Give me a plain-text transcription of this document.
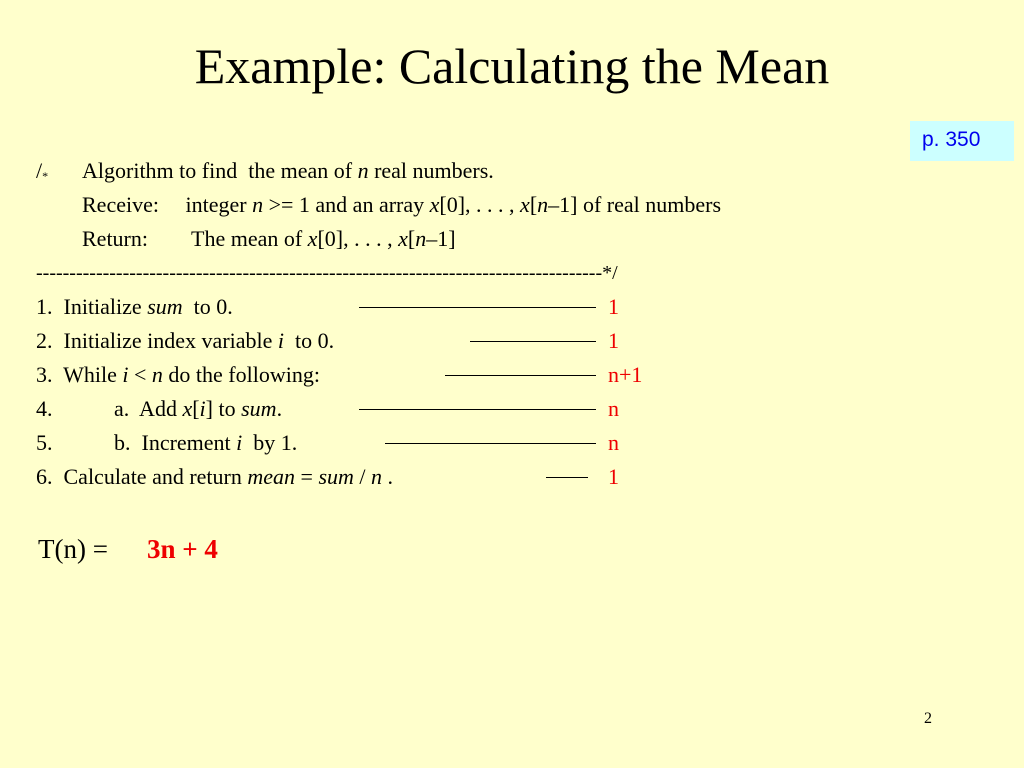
Example: Calculating the Mean
p. 350
/* Algorithm to find  the mean of n real numbers.
Receive: integer n >= 1 and an array x[0], . . . , x[n–1] of real numbers
Return: The mean of x[0], . . . , x[n–1]
-------------------------------------------------------------------------------------*/
1. Initialize sum  to 0.	1
2. Initialize index variable i  to 0.	1
3. While i < n do the following:	n+1
4.	a.  Add x[i] to sum.	n
5.	b.  Increment i  by 1.	n
6. Calculate and return mean = sum / n .	1
T(n) = 3n + 4
2
